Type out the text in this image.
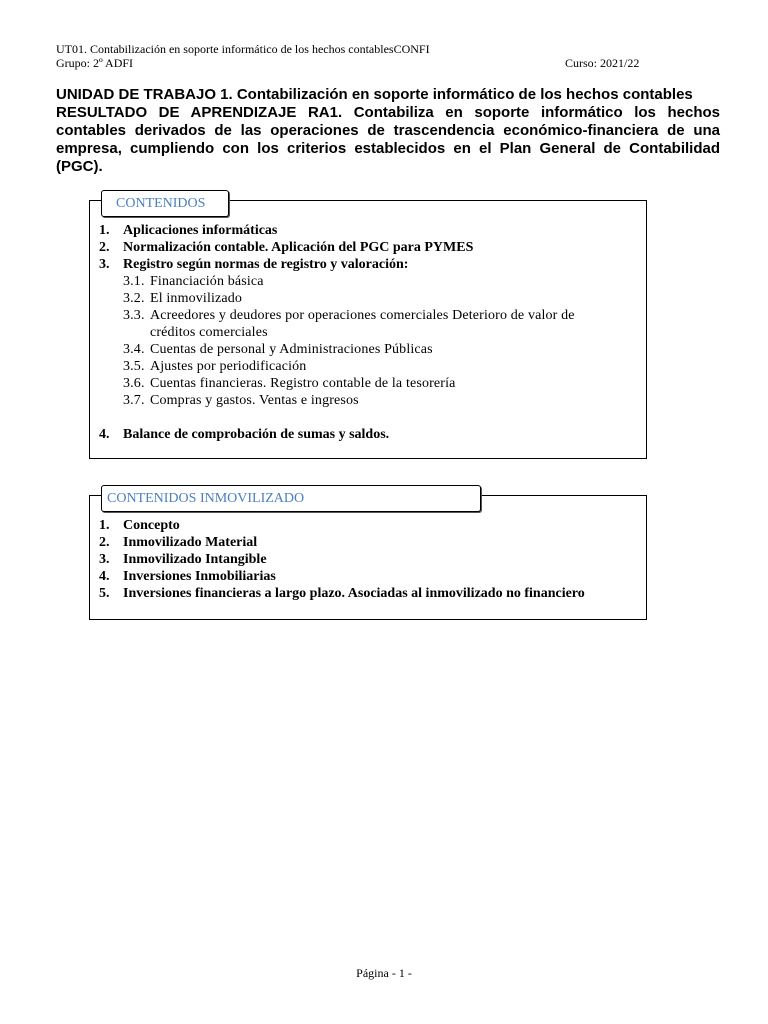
UT01. Contabilización en soporte informático de los hechos contablesCONFI
Grupo: 2º ADFI	Curso: 2021/22
UNIDAD DE TRABAJO 1. Contabilización en soporte informático de los hechos contables
RESULTADO DE APRENDIZAJE RA1. Contabiliza en soporte informático los hechos
contables derivados de las operaciones de trascendencia económico-financiera de una
empresa, cumpliendo con los criterios establecidos en el Plan General de Contabilidad
(PGC).
CONTENIDOS
1. Aplicaciones informáticas
2. Normalización contable. Aplicación del PGC para PYMES
3. Registro según normas de registro y valoración:
3.1. Financiación básica
3.2. El inmovilizado
3.3. Acreedores y deudores por operaciones comerciales Deterioro de valor de
créditos comerciales
3.4. Cuentas de personal y Administraciones Públicas
3.5. Ajustes por periodificación
3.6. Cuentas financieras. Registro contable de la tesorería
3.7. Compras y gastos. Ventas e ingresos
4. Balance de comprobación de sumas y saldos.
CONTENIDOS INMOVILIZADO
1. Concepto
2. Inmovilizado Material
3. Inmovilizado Intangible
4. Inversiones Inmobiliarias
5. Inversiones financieras a largo plazo. Asociadas al inmovilizado no financiero
Página - 1 -
